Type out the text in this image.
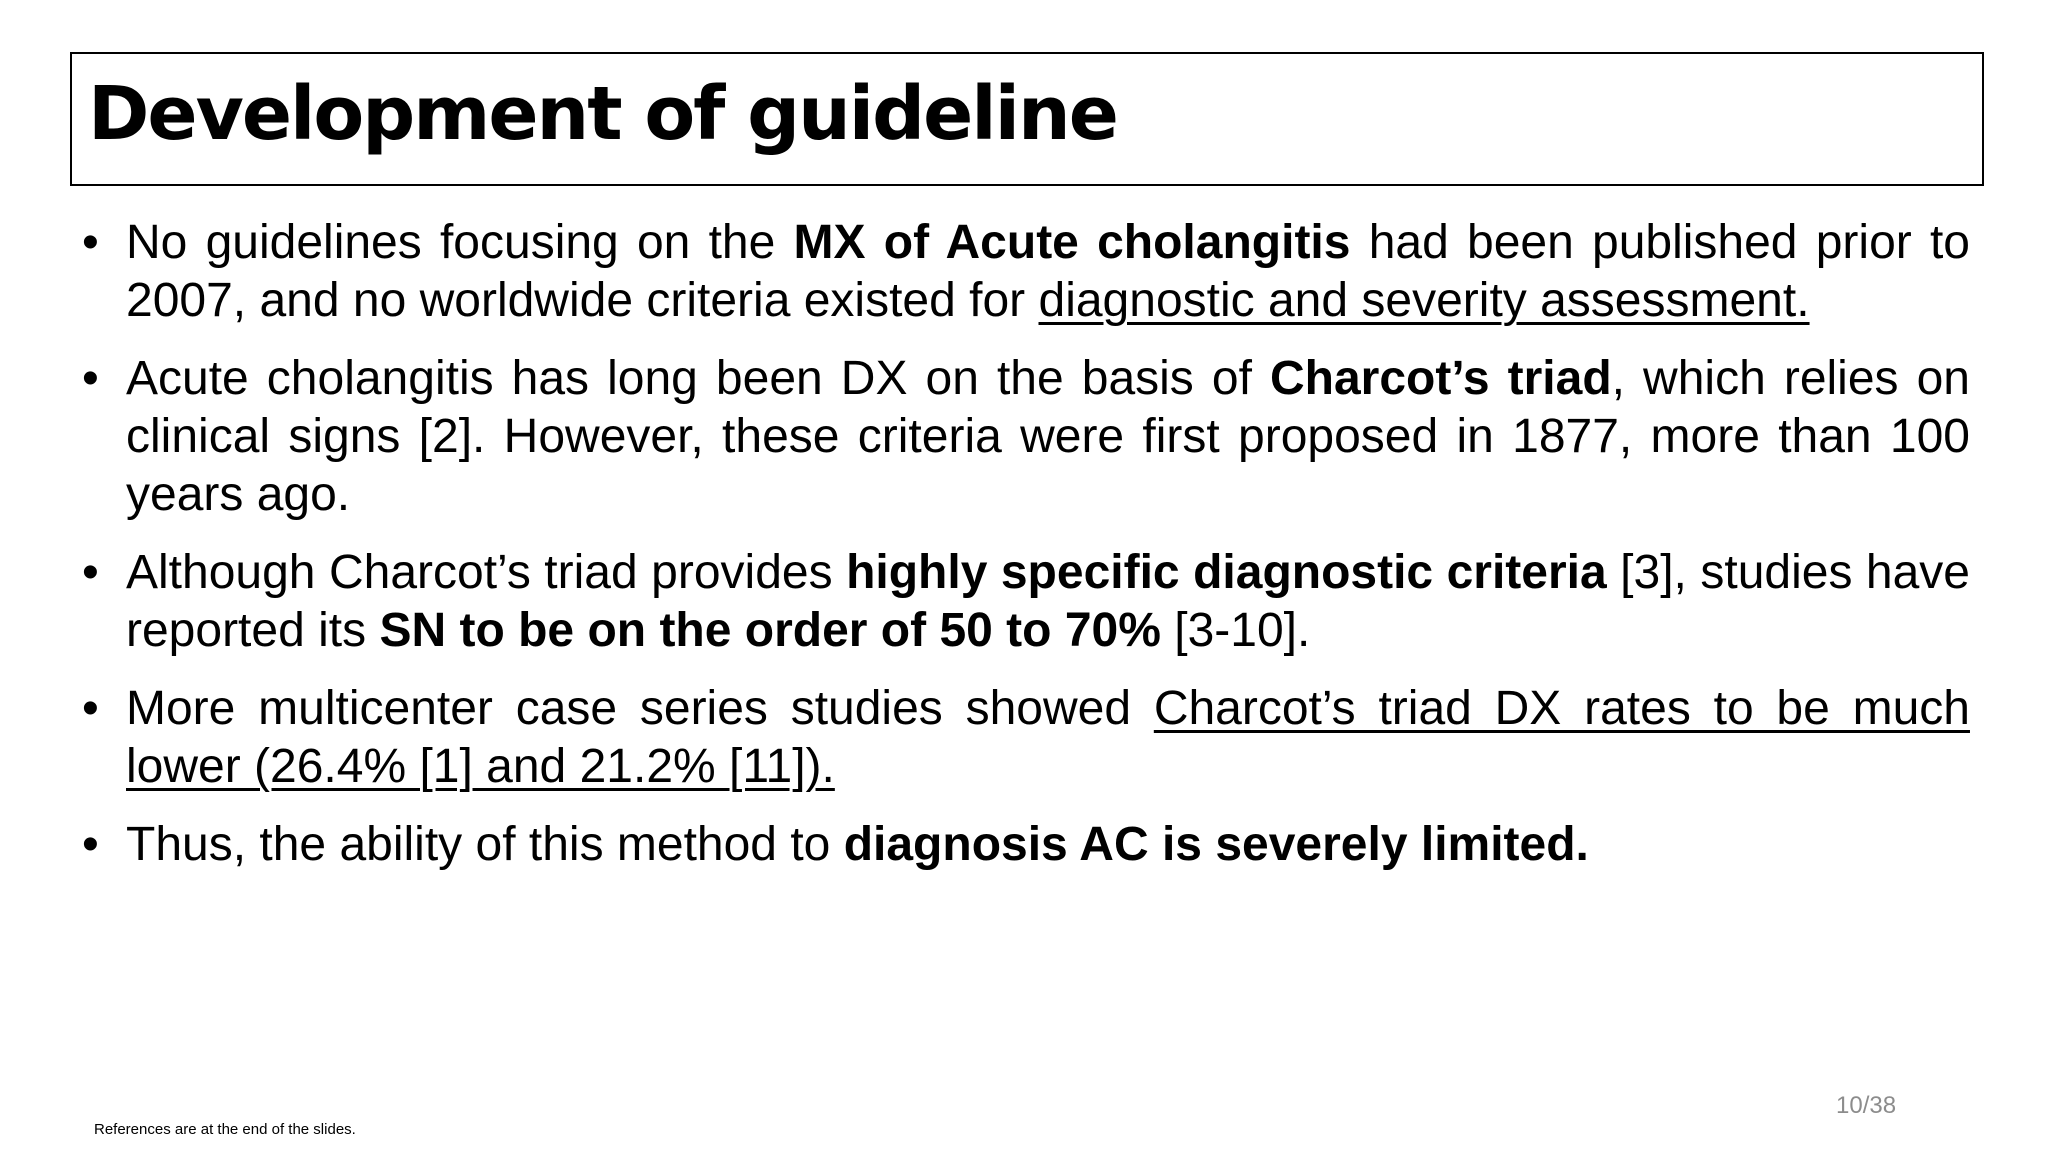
Development of guideline
• No guidelines focusing on the MX of Acute cholangitis had been published prior to 2007, and no worldwide criteria existed for diagnostic and severity assessment.
• Acute cholangitis has long been DX on the basis of Charcot’s triad, which relies on clinical signs [2]. However, these criteria were first proposed in 1877, more than 100 years ago.
• Although Charcot’s triad provides highly specific diagnostic criteria [3], studies have reported its SN to be on the order of 50 to 70% [3-10].
• More multicenter case series studies showed Charcot’s triad DX rates to be much lower (26.4% [1] and 21.2% [11]).
• Thus, the ability of this method to diagnosis AC is severely limited.
10/38
References are at the end of the slides.
